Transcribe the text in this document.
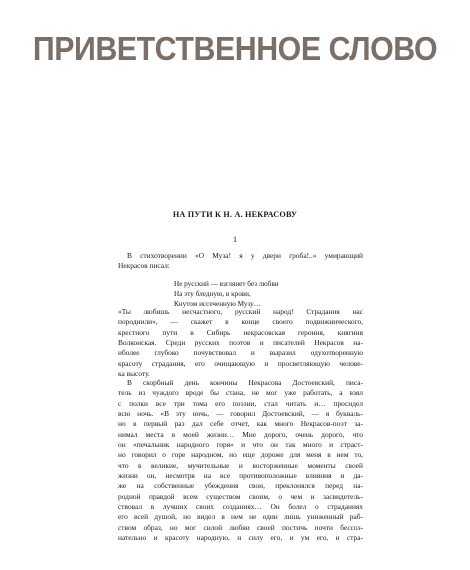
ПРИВЕТСТВЕННОЕ СЛОВО
НА ПУТИ К Н. А. НЕКРАСОВУ
1
В стихотворении «О Муза! я у двери гроба!..» умирающий
Некрасов писал:
Не русский — взглянет без любви
На эту бледную, в крови,
Кнутом иссеченную Музу…
«Ты любишь несчастного, русский народ! Страдания нас
породнили», — скажет в конце своего подвижнического,
крестного пути в Сибирь некрасовская героиня, княгиня
Волконская. Среди русских поэтов и писателей Некрасов на-
иболее глубоко почувствовал и выразил одухотворенную
красоту страдания, его очищающую и просветляющую челове-
ка высоту.
В скорбный день кончины Некрасова Достоевский, писа-
тель из чуждого вроде бы стана, не мог уже работать, а взял
с полки все три тома его поэзии, стал читать и… просидел
всю ночь. «В эту ночь, — говорил Достоевский, — я букваль-
но в первый раз дал себе отчет, как много Некрасов-поэт за-
нимал места в моей жизни… Мне дорого, очень дорого, что
он «печальник народного горя» и что он так много и страст-
но говорил о горе народном, но еще дороже для меня в нем то,
что в великие, мучительные и восторженные моменты своей
жизни он, несмотря на все противоположные влияния и да-
же на собственные убеждения свои, преклонялся перед на-
родной правдой всем существом своим, о чем и засвидетель-
ствовал в лучших своих созданиях… Он болел о страданиях
его всей душой, но видел в нем не один лишь униженный раб-
ством образ, но мог силой любви своей постичь почти бессоз-
нательно и красоту народную, и силу его, и ум его, и стра-
